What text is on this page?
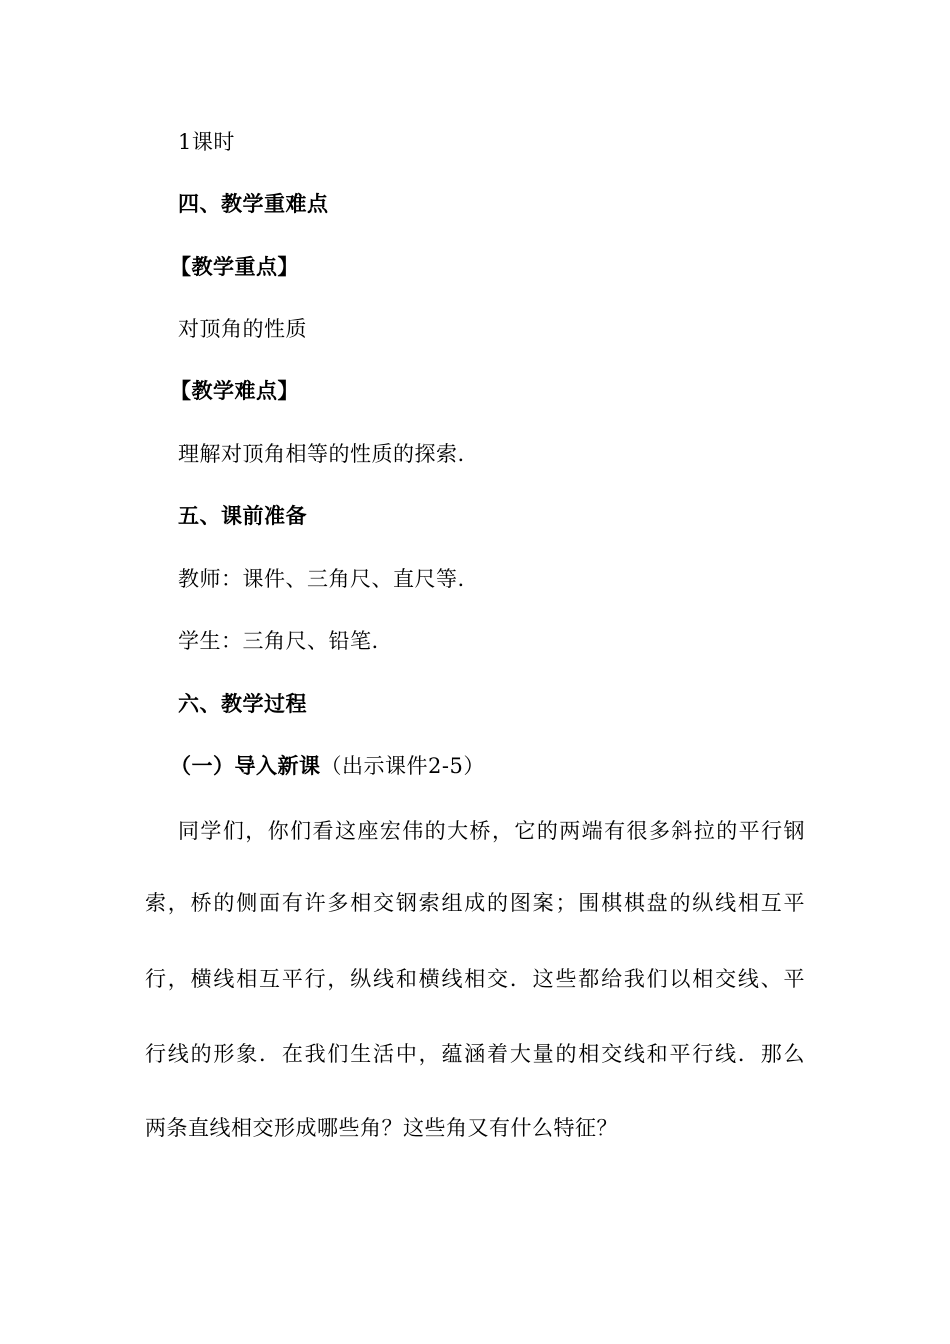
1课时
四、教学重难点
【教学重点】
对顶角的性质
【教学难点】
理解对顶角相等的性质的探索.
五、课前准备
教师：课件、三角尺、直尺等.
学生：三角尺、铅笔.
六、教学过程
（一）导入新课（出示课件2-5）
同学们，你们看这座宏伟的大桥，它的两端有很多斜拉的平行钢
索，桥的侧面有许多相交钢索组成的图案；围棋棋盘的纵线相互平
行，横线相互平行，纵线和横线相交．这些都给我们以相交线、平
行线的形象．在我们生活中，蕴涵着大量的相交线和平行线．那么
两条直线相交形成哪些角？这些角又有什么特征？
